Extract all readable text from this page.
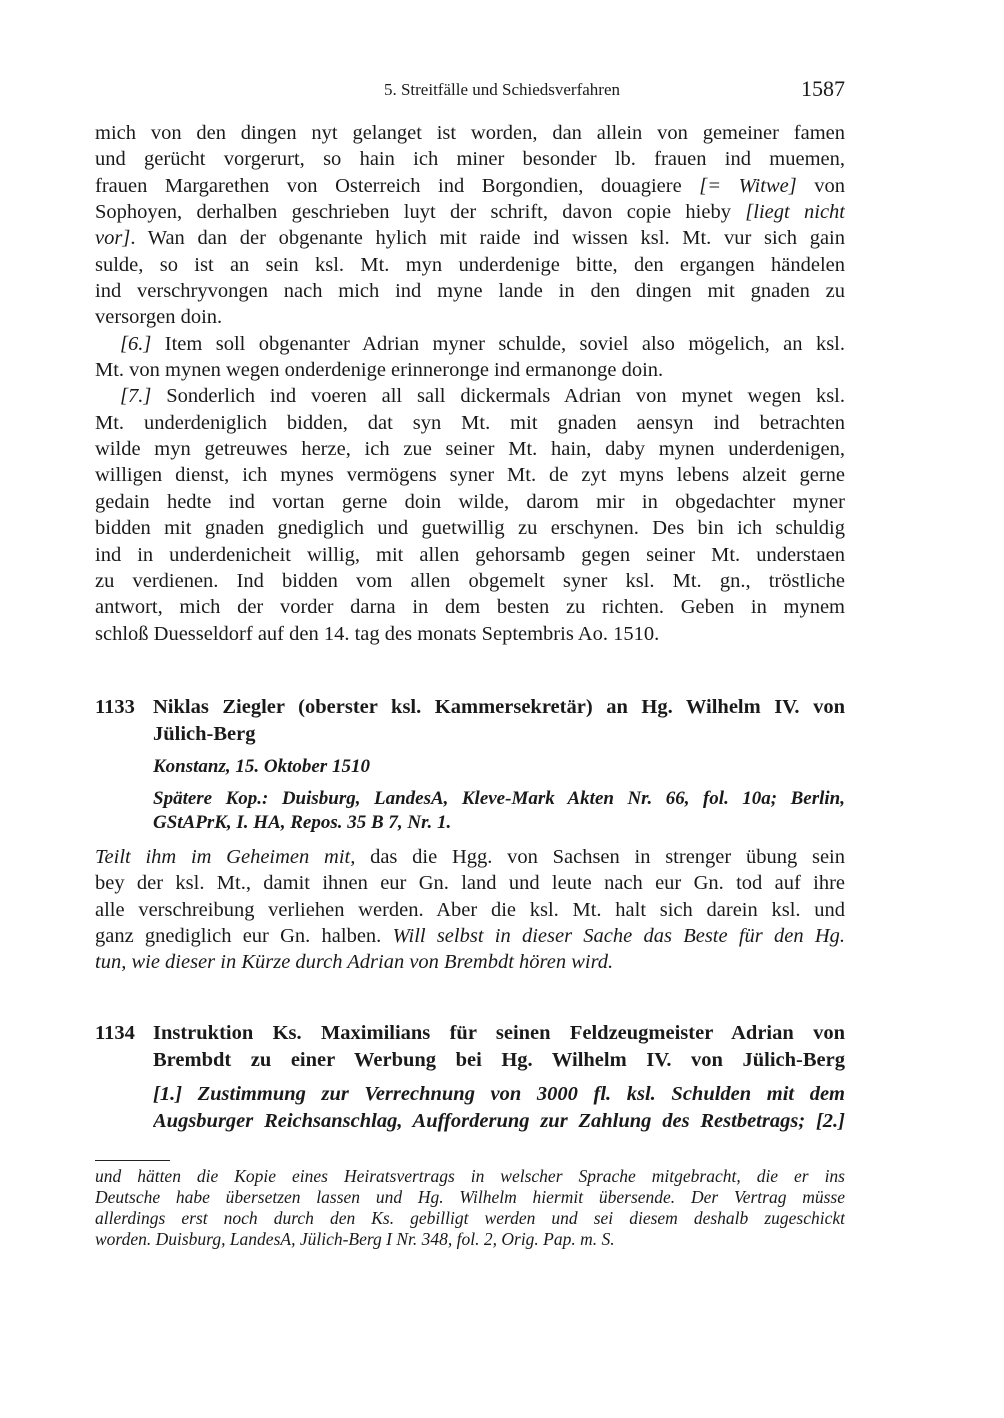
5. Streitfälle und Schiedsverfahren	1587
mich von den dingen nyt gelanget ist worden, dan allein von gemeiner famen
und gerücht vorgerurt, so hain ich miner besonder lb. frauen ind muemen,
frauen Margarethen von Osterreich ind Borgondien, douagiere [= Witwe] von
Sophoyen, derhalben geschrieben luyt der schrift, davon copie hieby [liegt nicht
vor]. Wan dan der obgenante hylich mit raide ind wissen ksl. Mt. vur sich gain
sulde, so ist an sein ksl. Mt. myn underdenige bitte, den ergangen händelen
ind verschryvongen nach mich ind myne lande in den dingen mit gnaden zu
versorgen doin.
[6.] Item soll obgenanter Adrian myner schulde, soviel also mögelich, an ksl.
Mt. von mynen wegen onderdenige erinneronge ind ermanonge doin.
[7.] Sonderlich ind voeren all sall dickermals Adrian von mynet wegen ksl.
Mt. underdeniglich bidden, dat syn Mt. mit gnaden aensyn ind betrachten
wilde myn getreuwes herze, ich zue seiner Mt. hain, daby mynen underdenigen,
willigen dienst, ich mynes vermögens syner Mt. de zyt myns lebens alzeit gerne
gedain hedte ind vortan gerne doin wilde, darom mir in obgedachter myner
bidden mit gnaden gnediglich und guetwillig zu erschynen. Des bin ich schuldig
ind in underdenicheit willig, mit allen gehorsamb gegen seiner Mt. understaen
zu verdienen. Ind bidden vom allen obgemelt syner ksl. Mt. gn., tröstliche
antwort, mich der vorder darna in dem besten zu richten. Geben in mynem
schloß Duesseldorf auf den 14. tag des monats Septembris Ao. 1510.
1133 Niklas Ziegler (oberster ksl. Kammersekretär) an Hg. Wilhelm IV. von
Jülich-Berg
Konstanz, 15. Oktober 1510
Spätere Kop.: Duisburg, LandesA, Kleve-Mark Akten Nr. 66, fol. 10a; Berlin,
GStAPrK, I. HA, Repos. 35 B 7, Nr. 1.
Teilt ihm im Geheimen mit, das die Hgg. von Sachsen in strenger übung sein
bey der ksl. Mt., damit ihnen eur Gn. land und leute nach eur Gn. tod auf ihre
alle verschreibung verliehen werden. Aber die ksl. Mt. halt sich darein ksl. und
ganz gnediglich eur Gn. halben. Will selbst in dieser Sache das Beste für den Hg.
tun, wie dieser in Kürze durch Adrian von Brembdt hören wird.
1134 Instruktion Ks. Maximilians für seinen Feldzeugmeister Adrian von
Brembdt zu einer Werbung bei Hg. Wilhelm IV. von Jülich-Berg
[1.] Zustimmung zur Verrechnung von 3000 fl. ksl. Schulden mit dem
Augsburger Reichsanschlag, Aufforderung zur Zahlung des Restbetrags; [2.]
und hätten die Kopie eines Heiratsvertrags in welscher Sprache mitgebracht, die er ins
Deutsche habe übersetzen lassen und Hg. Wilhelm hiermit übersende. Der Vertrag müsse
allerdings erst noch durch den Ks. gebilligt werden und sei diesem deshalb zugeschickt
worden. Duisburg, LandesA, Jülich-Berg I Nr. 348, fol. 2, Orig. Pap. m. S.
